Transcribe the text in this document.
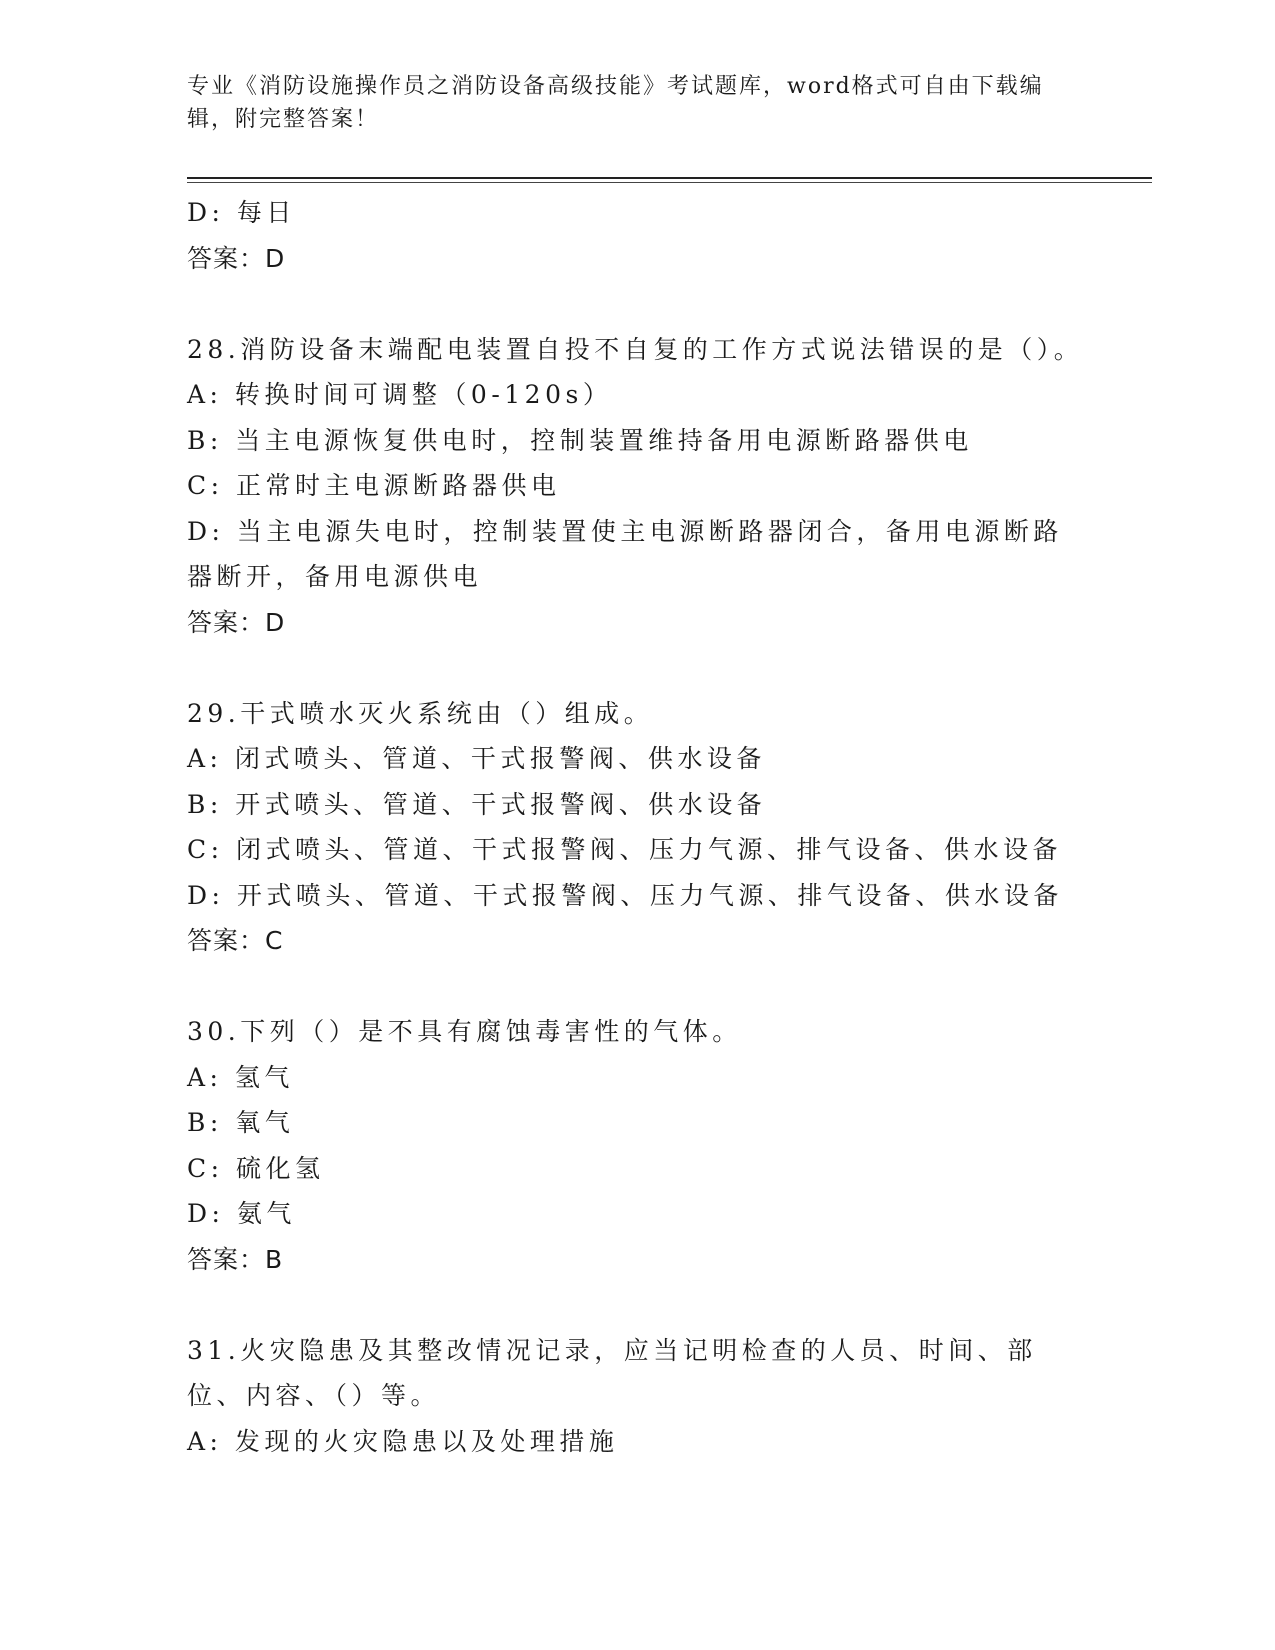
专业《消防设施操作员之消防设备高级技能》考试题库，word格式可自由下载编辑，附完整答案！
D: 每日
答案：D
28.消防设备末端配电装置自投不自复的工作方式说法错误的是（）。
A: 转换时间可调整（0-120s）
B: 当主电源恢复供电时，控制装置维持备用电源断路器供电
C: 正常时主电源断路器供电
D: 当主电源失电时，控制装置使主电源断路器闭合，备用电源断路器断开，备用电源供电
答案：D
29.干式喷水灭火系统由（）组成。
A: 闭式喷头、管道、干式报警阀、供水设备
B: 开式喷头、管道、干式报警阀、供水设备
C: 闭式喷头、管道、干式报警阀、压力气源、排气设备、供水设备
D: 开式喷头、管道、干式报警阀、压力气源、排气设备、供水设备
答案：C
30.下列（）是不具有腐蚀毒害性的气体。
A: 氢气
B: 氧气
C: 硫化氢
D: 氨气
答案：B
31.火灾隐患及其整改情况记录，应当记明检查的人员、时间、部位、内容、（）等。
A: 发现的火灾隐患以及处理措施
